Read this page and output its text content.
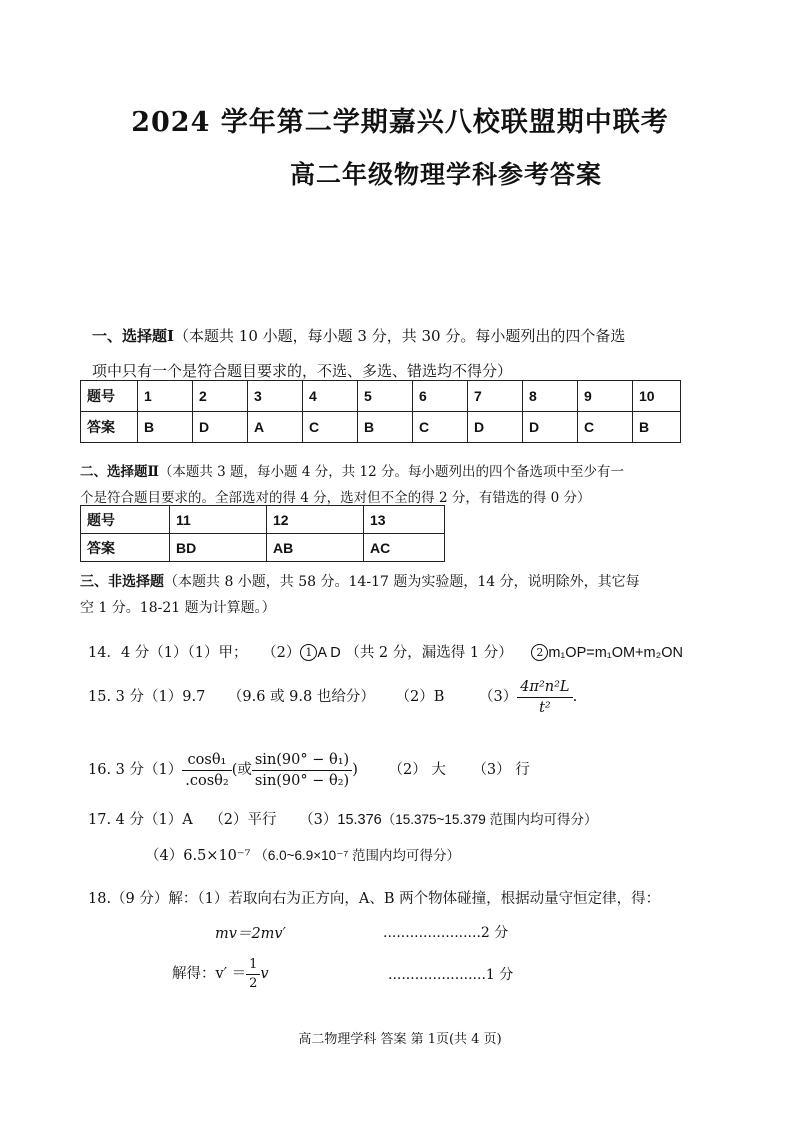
2024 学年第二学期嘉兴八校联盟期中联考
高二年级物理学科参考答案
一、选择题Ⅰ（本题共 10 小题，每小题 3 分，共 30 分。每小题列出的四个备选
项中只有一个是符合题目要求的，不选、多选、错选均不得分）
题号	1	2	3	4	5	6	7	8	9	10
答案	B	D	A	C	B	C	D	D	C	B
二、选择题Ⅱ（本题共 3 题，每小题 4 分，共 12 分。每小题列出的四个备选项中至少有一
个是符合题目要求的。全部选对的得 4 分，选对但不全的得 2 分，有错选的得 0 分）
题号	11	12	13
答案	BD	AB	AC
三、非选择题（本题共 8 小题，共 58 分。14-17 题为实验题，14 分，说明除外，其它每
空 1 分。18-21 题为计算题。）
14．4 分（1）（1）甲； （2） 1 A D （共 2 分，漏选得 1 分） 2 m₁OP=m₁OM+m₂ON
15. 3 分（1）9.7 （9.6 或 9.8 也给分） （2）B $(3) \frac{\text{4π²n²L}}{\text{t²}}$ .
16. 3 分$(1) \frac{\text{cosθ₁}}{\text{.cosθ₂}}$ (或 $\frac{\text{sin(90° − θ₁)}}{\text{sin(90° − θ₂)}}$ ) （2） 大 （3） 行
17. 4 分（1）A （2）平行 （3）15.376（15.375~15.379 范围内均可得分）
（4）6.5×10⁻⁷ （6.0~6.9×10⁻⁷ 范围内均可得分）
18.（9 分）解：（1）若取向右为正方向，A、B 两个物体碰撞，根据动量守恒定律，得：
mv＝2mv′	......................2 分
解得：$v' = \frac{1}{2}$ v	......................1 分
高二物理学科 答案 第 1页(共 4 页)
